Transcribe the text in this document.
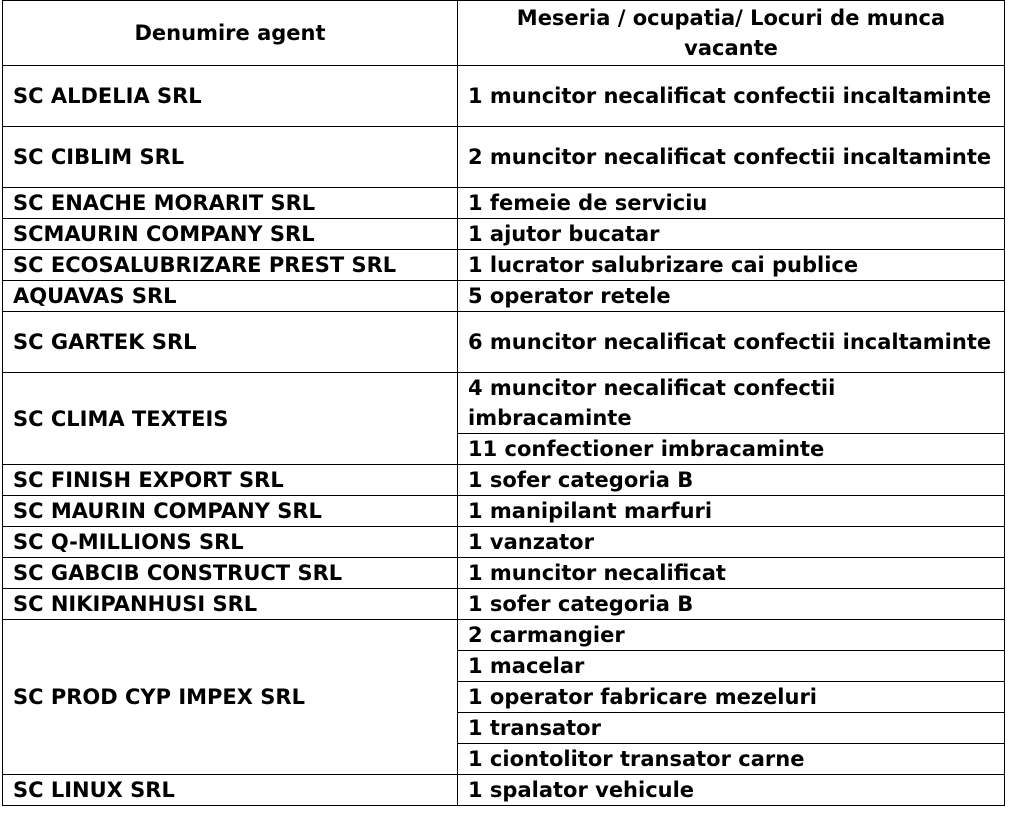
Denumire agent	Meseria / ocupatia/ Locuri de munca vacante
SC ALDELIA SRL	1 muncitor necalificat confectii incaltaminte
SC CIBLIM SRL	2 muncitor necalificat confectii incaltaminte
SC ENACHE MORARIT SRL	1 femeie de serviciu
SCMAURIN COMPANY SRL	1 ajutor bucatar
SC ECOSALUBRIZARE PREST SRL	1 lucrator salubrizare cai publice
AQUAVAS SRL	5 operator retele
SC GARTEK SRL	6 muncitor necalificat confectii incaltaminte
SC CLIMA TEXTEIS	4 muncitor necalificat confectii imbracaminte
	11 confectioner imbracaminte
SC FINISH EXPORT SRL	1 sofer categoria B
SC MAURIN COMPANY SRL	1 manipilant marfuri
SC Q-MILLIONS SRL	1 vanzator
SC GABCIB CONSTRUCT SRL	1 muncitor necalificat
SC NIKIPANHUSI SRL	1 sofer categoria B
SC PROD CYP IMPEX SRL	2 carmangier
	1 macelar
	1 operator fabricare mezeluri
	1 transator
	1 ciontolitor transator carne
SC LINUX SRL	1 spalator vehicule
